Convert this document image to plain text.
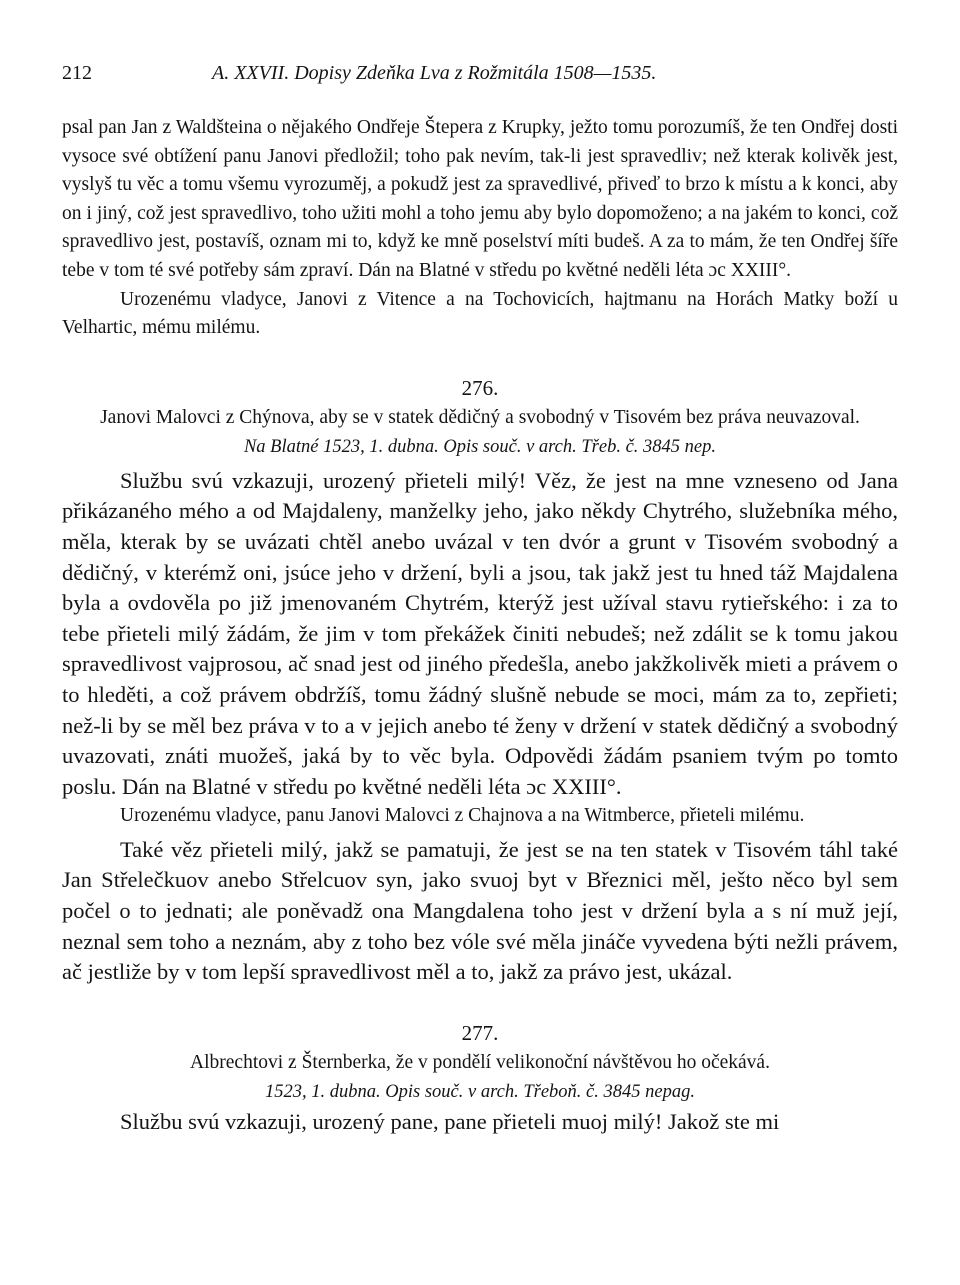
212	A. XXVII. Dopisy Zdeňka Lva z Rožmitála 1508—1535.

psal pan Jan z Waldšteina o nějakého Ondřeje Štepera z Krupky, ježto tomu porozumíš, že ten Ondřej dosti vysoce své obtížení panu Janovi předložil; toho pak nevím, tak-li jest spravedliv; než kterak kolivěk jest, vyslyš tu věc a tomu všemu vyrozuměj, a pokudž jest za spravedlivé, přiveď to brzo k místu a k konci, aby on i jiný, což jest spravedlivo, toho užiti mohl a toho jemu aby bylo dopomoženo; a na jakém to konci, což spravedlivo jest, postavíš, oznam mi to, když ke mně poselství míti budeš. A za to mám, že ten Ondřej šíře tebe v tom té své potřeby sám zpraví. Dán na Blatné v středu po květné neděli léta ɔc XXIII°.

Urozenému vladyce, Janovi z Vitence a na Tochovicích, hajtmanu na Horách Matky boží u Velhartic, mému milému.

276.

Janovi Malovci z Chýnova, aby se v statek dědičný a svobodný v Tisovém bez práva neuvazoval.

Na Blatné 1523, 1. dubna. Opis souč. v arch. Třeb. č. 3845 nep.

Službu svú vzkazuji, urozený přieteli milý! Věz, že jest na mne vzneseno od Jana přikázaného mého a od Majdaleny, manželky jeho, jako někdy Chytrého, služebníka mého, měla, kterak by se uvázati chtěl anebo uvázal v ten dvór a grunt v Tisovém svobodný a dědičný, v kterémž oni, jsúce jeho v držení, byli a jsou, tak jakž jest tu hned táž Majdalena byla a ovdověla po již jmenovaném Chytrém, kterýž jest užíval stavu rytieřského: i za to tebe přieteli milý žádám, že jim v tom překážek činiti nebudeš; než zdálit se k tomu jakou spravedlivost vajprosou, ač snad jest od jiného předešla, anebo jakžkolivěk mieti a právem o to hleděti, a což právem obdržíš, tomu žádný slušně nebude se moci, mám za to, zepřieti; než-li by se měl bez práva v to a v jejich anebo té ženy v držení v statek dědičný a svobodný uvazovati, znáti muožeš, jaká by to věc byla. Odpovědi žádám psaniem tvým po tomto poslu. Dán na Blatné v středu po květné neděli léta ɔc XXIII°.

Urozenému vladyce, panu Janovi Malovci z Chajnova a na Witmberce, přieteli milému.

Také věz přieteli milý, jakž se pamatuji, že jest se na ten statek v Tisovém táhl také Jan Střelečkuov anebo Střelcuov syn, jako svuoj byt v Březnici měl, ješto něco byl sem počel o to jednati; ale poněvadž ona Mangdalena toho jest v držení byla a s ní muž její, neznal sem toho a neznám, aby z toho bez vóle své měla jináče vyvedena býti nežli právem, ač jestliže by v tom lepší spravedlivost měl a to, jakž za právo jest, ukázal.

277.

Albrechtovi z Šternberka, že v pondělí velikonoční návštěvou ho očekává.

1523, 1. dubna. Opis souč. v arch. Třeboň. č. 3845 nepag.

Službu svú vzkazuji, urozený pane, pane přieteli muoj milý! Jakož ste mi
